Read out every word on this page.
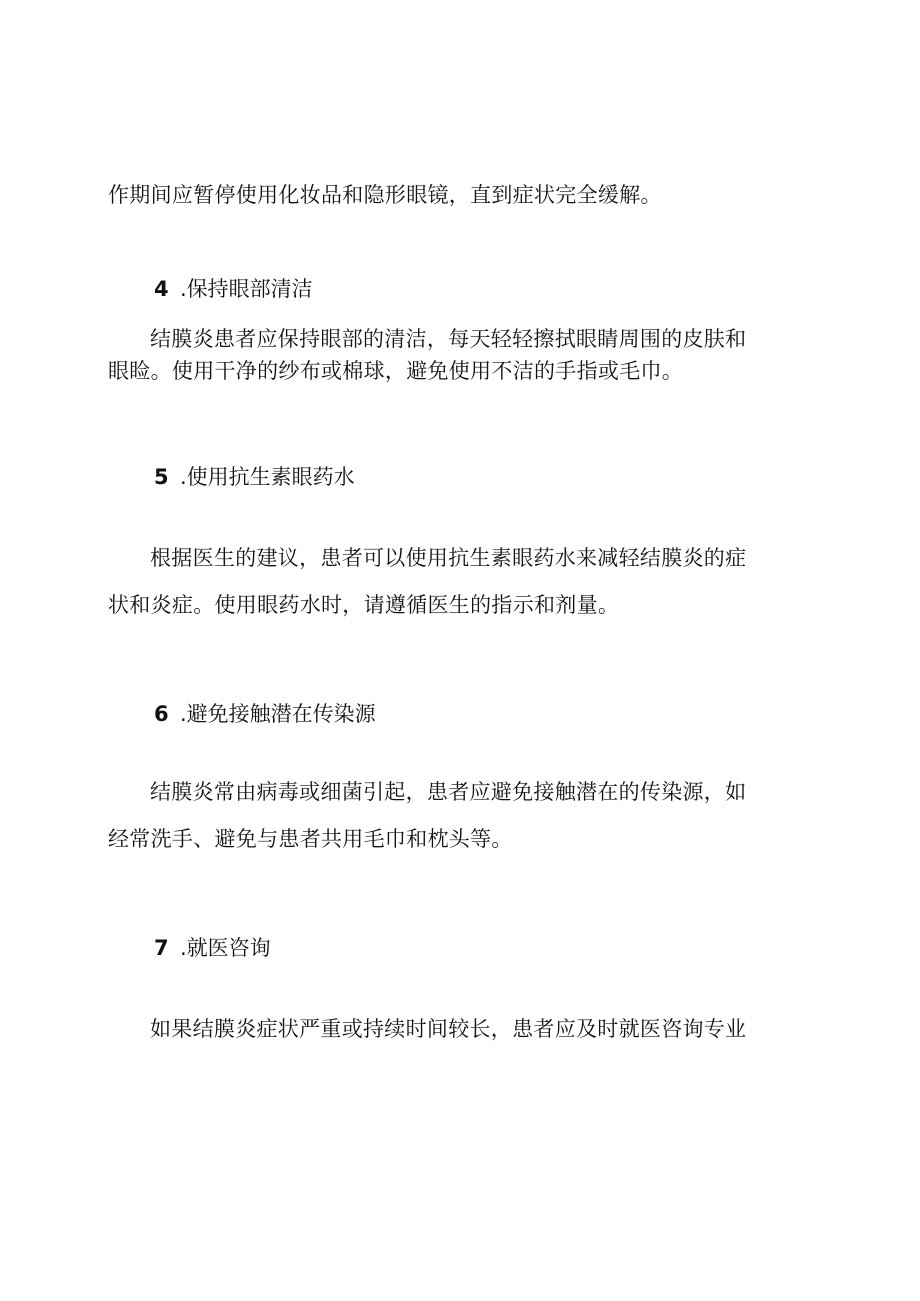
作期间应暂停使用化妆品和隐形眼镜，直到症状完全缓解。
4 .保持眼部清洁
结膜炎患者应保持眼部的清洁，每天轻轻擦拭眼睛周围的皮肤和
眼睑。使用干净的纱布或棉球，避免使用不洁的手指或毛巾。
5 .使用抗生素眼药水
根据医生的建议，患者可以使用抗生素眼药水来减轻结膜炎的症
状和炎症。使用眼药水时，请遵循医生的指示和剂量。
6 .避免接触潜在传染源
结膜炎常由病毒或细菌引起，患者应避免接触潜在的传染源，如
经常洗手、避免与患者共用毛巾和枕头等。
7 .就医咨询
如果结膜炎症状严重或持续时间较长，患者应及时就医咨询专业
